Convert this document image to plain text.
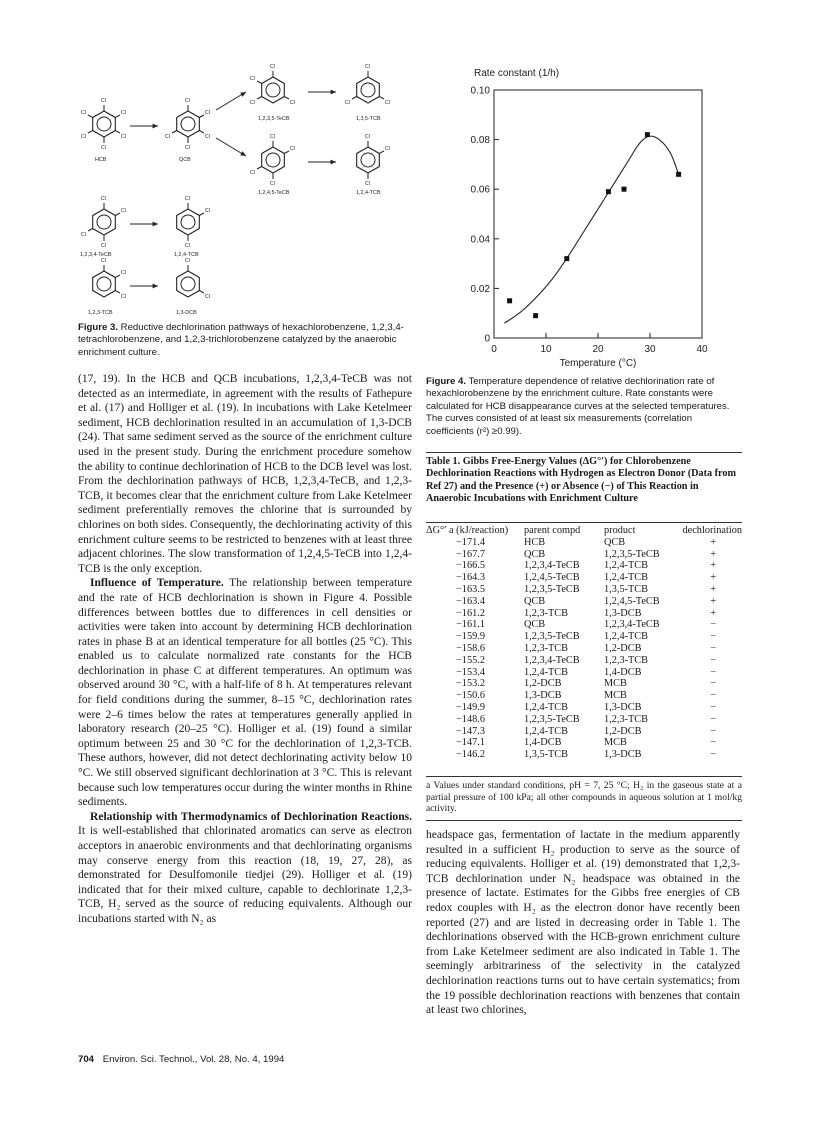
Cl
Cl
Cl
Cl
Cl
Cl
Cl
Cl
Cl
Cl
Cl
Cl
Cl
Cl
Cl
Cl
Cl
Cl
Cl
Cl
Cl
Cl
Cl
Cl
Cl
Cl
Cl
Cl
Cl
Cl
Cl
Cl
Cl
Cl
Cl
Cl
Cl
HCB	QCB
1,2,3,5-TeCB	1,3,5-TCB
1,2,4,5-TeCB	1,2,4-TCB
1,2,3,4-TeCB	1,2,4-TCB
1,2,3-TCB	1,3-DCB
Figure 3. Reductive dechlorination pathways of hexachlorobenzene, 1,2,3,4-tetrachlorobenzene, and 1,2,3-trichlorobenzene catalyzed by the anaerobic enrichment culture.

(17, 19). In the HCB and QCB incubations, 1,2,3,4-TeCB was not detected as an intermediate, in agreement with the results of Fathepure et al. (17) and Holliger et al. (19). In incubations with Lake Ketelmeer sediment, HCB dechlorination resulted in an accumulation of 1,3-DCB (24). That same sediment served as the source of the enrichment culture used in the present study. During the enrichment procedure somehow the ability to continue dechlorination of HCB to the DCB level was lost. From the dechlorination pathways of HCB, 1,2,3,4-TeCB, and 1,2,3-TCB, it becomes clear that the enrichment culture from Lake Ketelmeer sediment preferentially removes the chlorine that is surrounded by chlorines on both sides. Consequently, the dechlorinating activity of this enrichment culture seems to be restricted to benzenes with at least three adjacent chlorines. The slow transformation of 1,2,4,5-TeCB into 1,2,4-TCB is the only exception.

Influence of Temperature. The relationship between temperature and the rate of HCB dechlorination is shown in Figure 4. Possible differences between bottles due to differences in cell densities or activities were taken into account by determining HCB dechlorination rates in phase B at an identical temperature for all bottles (25 °C). This enabled us to calculate normalized rate constants for the HCB dechlorination in phase C at different temperatures. An optimum was observed around 30 °C, with a half-life of 8 h. At temperatures relevant for field conditions during the summer, 8–15 °C, dechlorination rates were 2–6 times below the rates at temperatures generally applied in laboratory research (20–25 °C). Holliger et al. (19) found a similar optimum between 25 and 30 °C for the dechlorination of 1,2,3-TCB. These authors, however, did not detect dechlorinating activity below 10 °C. We still observed significant dechlorination at 3 °C. This is relevant because such low temperatures occur during the winter months in Rhine sediments.

Relationship with Thermodynamics of Dechlorination Reactions. It is well-established that chlorinated aromatics can serve as electron acceptors in anaerobic environments and that dechlorinating organisms may conserve energy from this reaction (18, 19, 27, 28), as demonstrated for Desulfomonile tiedjei (29). Holliger et al. (19) indicated that for their mixed culture, capable to dechlorinate 1,2,3-TCB, H₂ served as the source of reducing equivalents. Although our incubations started with N₂ as

Rate constant (1/h)
0
0.02
0.04
0.06
0.08
0.10
0	10	20	30	40
Temperature (°C)
Figure 4. Temperature dependence of relative dechlorination rate of hexachlorobenzene by the enrichment culture. Rate constants were calculated for HCB disappearance curves at the selected temperatures. The curves consisted of at least six measurements (correlation coefficients (r²) ≥0.99).
Table 1. Gibbs Free-Energy Values (ΔG°′) for Chlorobenzene Dechlorination Reactions with Hydrogen as Electron Donor (Data from Ref 27) and the Presence (+) or Absence (−) of This Reaction in Anaerobic Incubations with Enrichment Culture
ΔG°′ a (kJ/reaction)	parent compd	product	dechlorination
−171.4	HCB	QCB	+
−167.7	QCB	1,2,3,5-TeCB	+
−166.5	1,2,3,4-TeCB	1,2,4-TCB	+
−164.3	1,2,4,5-TeCB	1,2,4-TCB	+
−163.5	1,2,3,5-TeCB	1,3,5-TCB	+
−163.4	QCB	1,2,4,5-TeCB	+
−161.2	1,2,3-TCB	1,3-DCB	+
−161.1	QCB	1,2,3,4-TeCB	−
−159.9	1,2,3,5-TeCB	1,2,4-TCB	−
−158.6	1,2,3-TCB	1,2-DCB	−
−155.2	1,2,3,4-TeCB	1,2,3-TCB	−
−153.4	1,2,4-TCB	1,4-DCB	−
−153.2	1,2-DCB	MCB	−
−150.6	1,3-DCB	MCB	−
−149.9	1,2,4-TCB	1,3-DCB	−
−148.6	1,2,3,5-TeCB	1,2,3-TCB	−
−147.3	1,2,4-TCB	1,2-DCB	−
−147.1	1,4-DCB	MCB	−
−146.2	1,3,5-TCB	1,3-DCB	−
a Values under standard conditions, pH = 7, 25 °C; H₂ in the gaseous state at a partial pressure of 100 kPa; all other compounds in aqueous solution at 1 mol/kg activity.

headspace gas, fermentation of lactate in the medium apparently resulted in a sufficient H₂ production to serve as the source of reducing equivalents. Holliger et al. (19) demonstrated that 1,2,3-TCB dechlorination under N₂ headspace was obtained in the presence of lactate. Estimates for the Gibbs free energies of CB redox couples with H₂ as the electron donor have recently been reported (27) and are listed in decreasing order in Table 1. The dechlorinations observed with the HCB-grown enrichment culture from Lake Ketelmeer sediment are also indicated in Table 1. The seemingly arbitrariness of the selectivity in the catalyzed dechlorination reactions turns out to have certain systematics; from the 19 possible dechlorination reactions with benzenes that contain at least two chlorines,

704 Environ. Sci. Technol., Vol. 28, No. 4, 1994
